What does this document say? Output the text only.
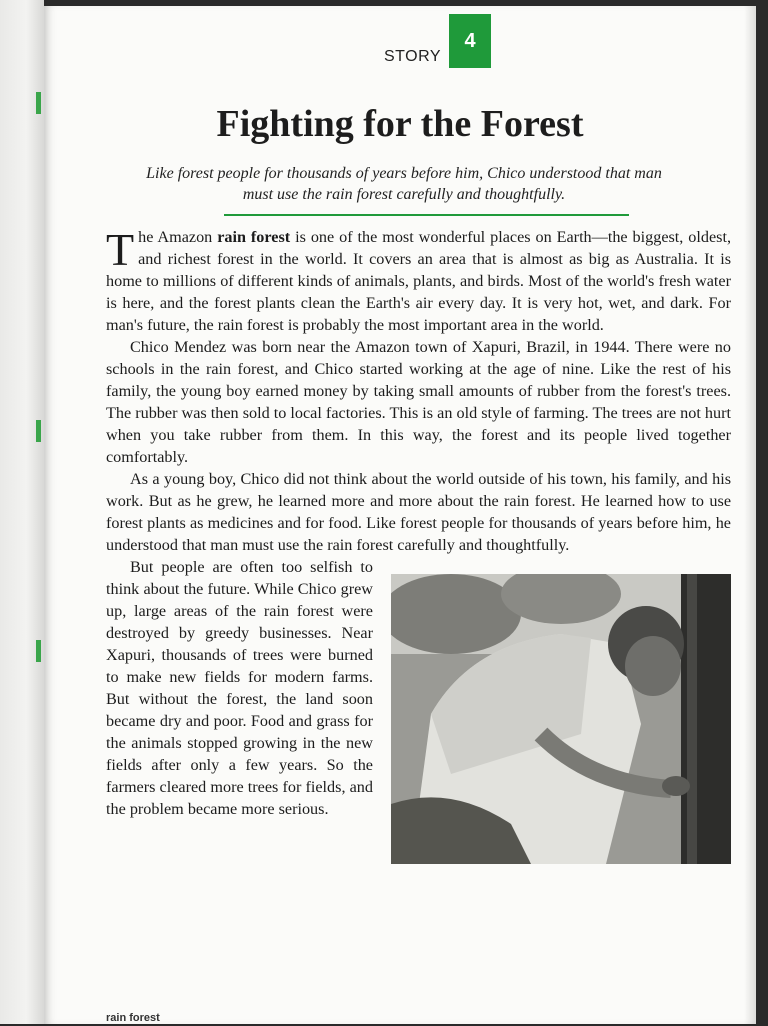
STORY
4
Fighting for the Forest
Like forest people for thousands of years before him, Chico understood that man must use the rain forest carefully and thoughtfully.

The Amazon rain forest is one of the most wonderful places on Earth—the biggest, oldest, and richest forest in the world. It covers an area that is almost as big as Australia. It is home to millions of different kinds of animals, plants, and birds. Most of the world's fresh water is here, and the forest plants clean the Earth's air every day. It is very hot, wet, and dark. For man's future, the rain forest is probably the most important area in the world.

Chico Mendez was born near the Amazon town of Xapuri, Brazil, in 1944. There were no schools in the rain forest, and Chico started working at the age of nine. Like the rest of his family, the young boy earned money by taking small amounts of rubber from the forest's trees. The rubber was then sold to local factories. This is an old style of farming. The trees are not hurt when you take rubber from them. In this way, the forest and its people lived together comfortably.

As a young boy, Chico did not think about the world outside of his town, his family, and his work. But as he grew, he learned more and more about the rain forest. He learned how to use forest plants as medicines and for food. Like forest people for thousands of years before him, he understood that man must use the rain forest carefully and thoughtfully.

But people are often too selfish to think about the future. While Chico grew up, large areas of the rain forest were destroyed by greedy businesses. Near Xapuri, thousands of trees were burned to make new fields for modern farms. But without the forest, the land soon became dry and poor. Food and grass for the animals stopped growing in the new fields after only a few years. So the farmers cleared more trees for fields, and the problem became more serious.

rain forest
